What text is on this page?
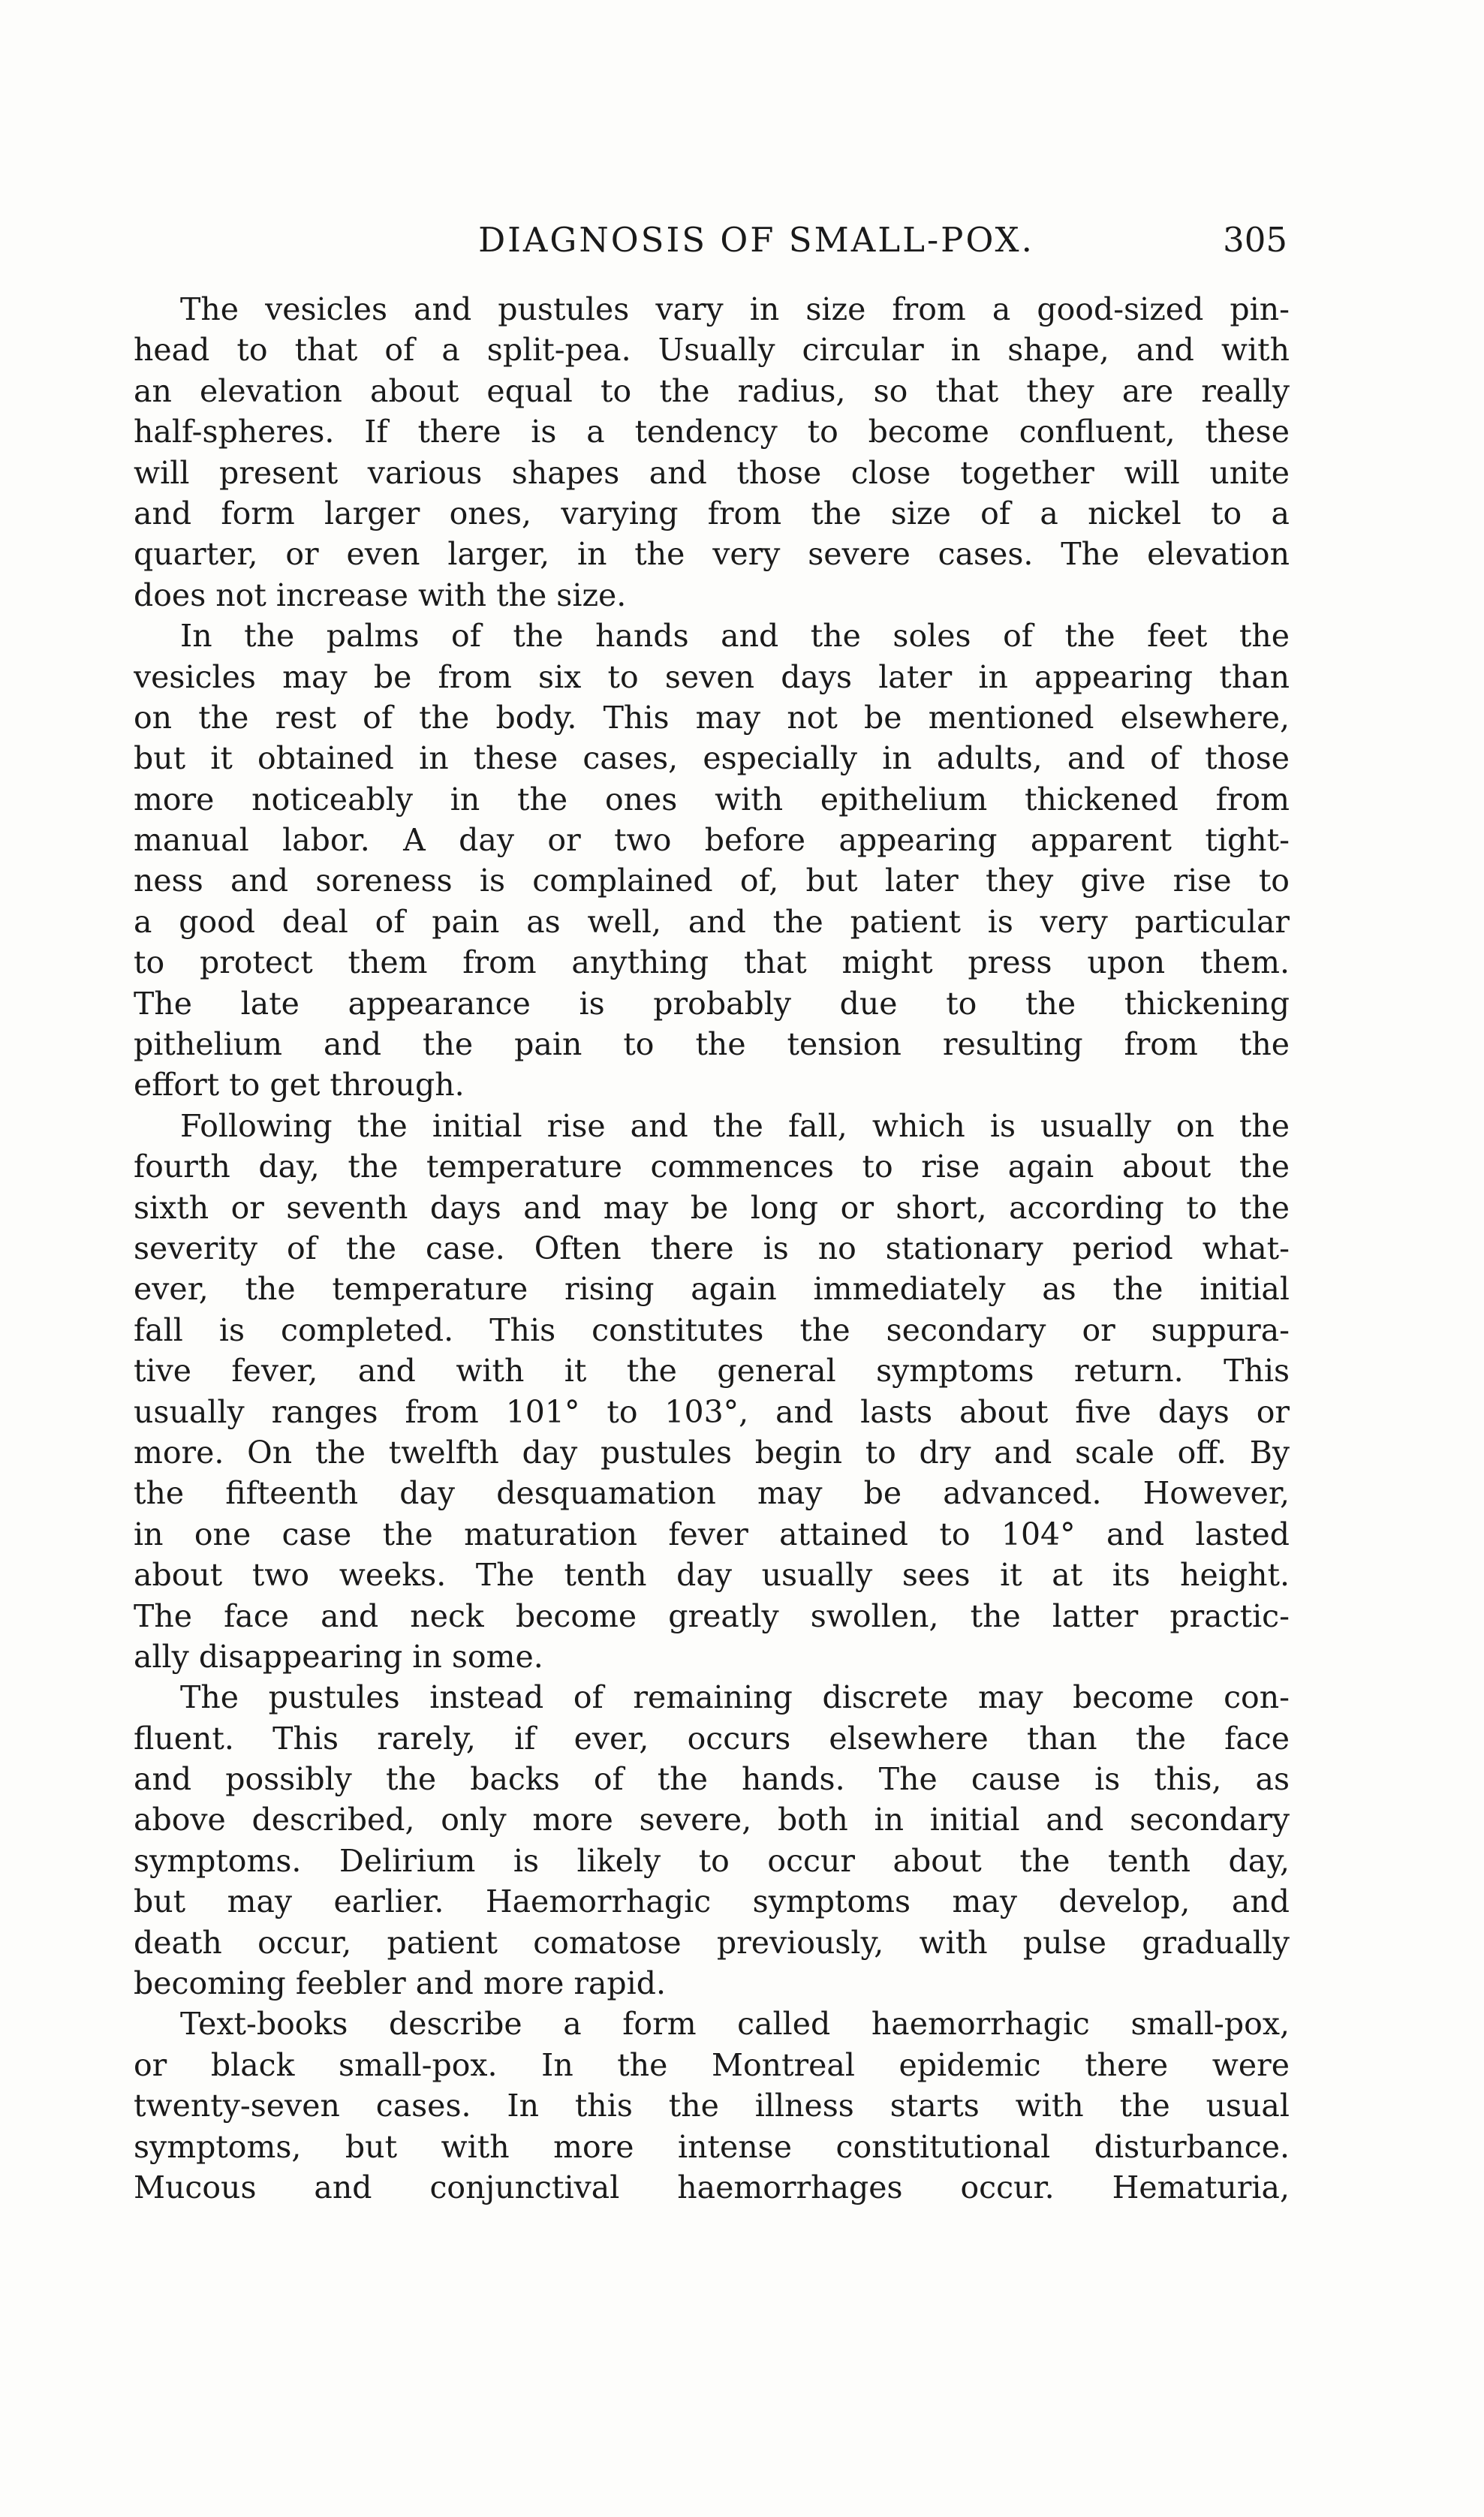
DIAGNOSIS OF SMALL-POX.	305
The vesicles and pustules vary in size from a good-sized pin-
head to that of a split-pea. Usually circular in shape, and with
an elevation about equal to the radius, so that they are really
half-spheres. If there is a tendency to become confluent, these
will present various shapes and those close together will unite
and form larger ones, varying from the size of a nickel to a
quarter, or even larger, in the very severe cases. The elevation
does not increase with the size.
In the palms of the hands and the soles of the feet the
vesicles may be from six to seven days later in appearing than
on the rest of the body. This may not be mentioned elsewhere,
but it obtained in these cases, especially in adults, and of those
more noticeably in the ones with epithelium thickened from
manual labor. A day or two before appearing apparent tight-
ness and soreness is complained of, but later they give rise to
a good deal of pain as well, and the patient is very particular
to protect them from anything that might press upon them.
The late appearance is probably due to the thickening
pithelium and the pain to the tension resulting from the
effort to get through.
Following the initial rise and the fall, which is usually on the
fourth day, the temperature commences to rise again about the
sixth or seventh days and may be long or short, according to the
severity of the case. Often there is no stationary period what-
ever, the temperature rising again immediately as the initial
fall is completed. This constitutes the secondary or suppura-
tive fever, and with it the general symptoms return. This
usually ranges from 101° to 103°, and lasts about five days or
more. On the twelfth day pustules begin to dry and scale off. By
the fifteenth day desquamation may be advanced. However,
in one case the maturation fever attained to 104° and lasted
about two weeks. The tenth day usually sees it at its height.
The face and neck become greatly swollen, the latter practic-
ally disappearing in some.
The pustules instead of remaining discrete may become con-
fluent. This rarely, if ever, occurs elsewhere than the face
and possibly the backs of the hands. The cause is this, as
above described, only more severe, both in initial and secondary
symptoms. Delirium is likely to occur about the tenth day,
but may earlier. Haemorrhagic symptoms may develop, and
death occur, patient comatose previously, with pulse gradually
becoming feebler and more rapid.
Text-books describe a form called haemorrhagic small-pox,
or black small-pox. In the Montreal epidemic there were
twenty-seven cases. In this the illness starts with the usual
symptoms, but with more intense constitutional disturbance.
Mucous and conjunctival haemorrhages occur. Hematuria,
